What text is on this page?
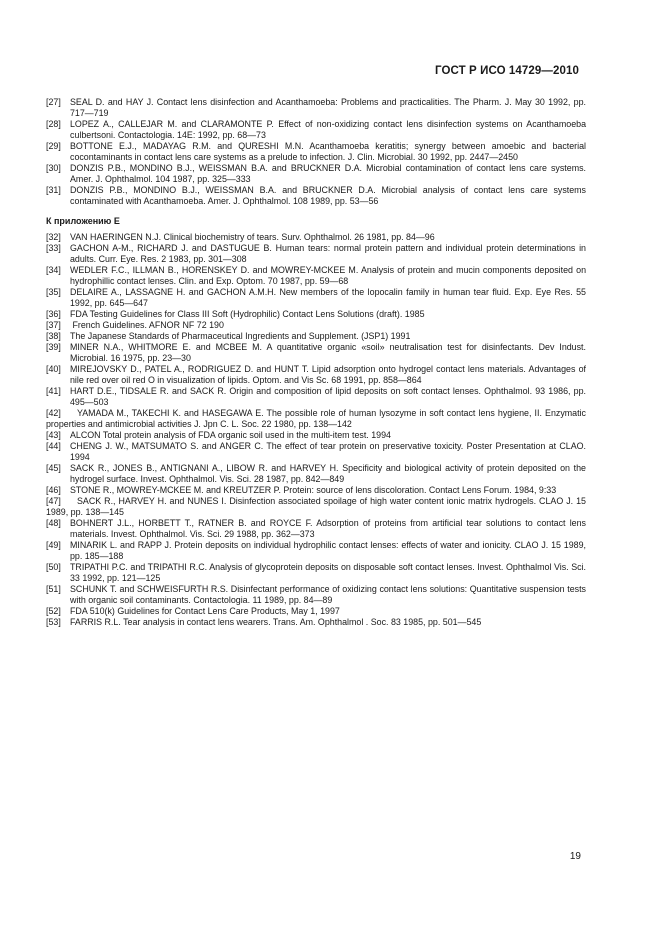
ГОСТ Р ИСО 14729—2010

[27] SEAL D. and HAY J. Contact lens disinfection and Acanthamoeba: Problems and practicalities. The Pharm. J. May 30 1992, pp. 717—719

[28] LOPEZ A., CALLEJAR M. and CLARAMONTE P. Effect of non-oxidizing contact lens disinfection systems on Acanthamoeba culbertsoni. Contactologia. 14E: 1992, pp. 68—73

[29] BOTTONE E.J., MADAYAG R.M. and QURESHI M.N. Acanthamoeba keratitis; synergy between amoebic and bacterial cocontaminants in contact lens care systems as a prelude to infection. J. Clin. Microbial. 30 1992, pp. 2447—2450

[30] DONZIS P.B., MONDINO B.J., WEISSMAN B.A. and BRUCKNER D.A. Microbial contamination of contact lens care systems. Amer. J. Ophthalmol. 104 1987, pp. 325—333

[31] DONZIS P.B., MONDINO B.J., WEISSMAN B.A. and BRUCKNER D.A. Microbial analysis of contact lens care systems contaminated with Acanthamoeba. Amer. J. Ophthalmol. 108 1989, pp. 53—56

К приложению Е

[32] VAN HAERINGEN N.J. Clinical biochemistry of tears. Surv. Ophthalmol. 26 1981, pp. 84—96

[33] GACHON A-M., RICHARD J. and DASTUGUE B. Human tears: normal protein pattern and individual protein determinations in adults. Curr. Eye. Res. 2 1983, pp. 301—308

[34] WEDLER F.C., ILLMAN B., HORENSKEY D. and MOWREY-MCKEE M. Analysis of protein and mucin components deposited on hydrophillic contact lenses. Clin. and Exp. Optom. 70 1987, pp. 59—68

[35] DELAIRE A., LASSAGNE H. and GACHON A.M.H. New members of the lopocalin family in human tear fluid. Exp. Eye Res. 55 1992, pp. 645—647

[36] FDA Testing Guidelines for Class III Soft (Hydrophilic) Contact Lens Solutions (draft). 1985

[37] French Guidelines. AFNOR NF 72 190

[38] The Japanese Standards of Pharmaceutical Ingredients and Supplement. (JSP1) 1991

[39] MINER N.A., WHITMORE E. and MCBEE M. A quantitative organic «soil» neutralisation test for disinfectants. Dev Indust. Microbial. 16 1975, pp. 23—30

[40] MIREJOVSKY D., PATEL A., RODRIGUEZ D. and HUNT T. Lipid adsorption onto hydrogel contact lens materials. Advantages of nile red over oil red O in visualization of lipids. Optom. and Vis Sc. 68 1991, pp. 858—864

[41] HART D.E., TIDSALE R. and SACK R. Origin and composition of lipid deposits on soft contact lenses. Ophthalmol. 93 1986, pp. 495—503

[42] YAMADA M., TAKECHI K. and HASEGAWA E. The possible role of human lysozyme in soft contact lens hygiene, II. Enzymatic properties and antimicrobial activities J. Jpn C. L. Soc. 22 1980, pp. 138—142

[43] ALCON Total protein analysis of FDA organic soil used in the multi-item test. 1994

[44] CHENG J. W., MATSUMATO S. and ANGER C. The effect of tear protein on preservative toxicity. Poster Presentation at CLAO. 1994

[45] SACK R., JONES B., ANTIGNANI A., LIBOW R. and HARVEY H. Specificity and biological activity of protein deposited on the hydrogel surface. Invest. Ophthalmol. Vis. Sci. 28 1987, pp. 842—849

[46] STONE R., MOWREY-MCKEE M. and KREUTZER P. Protein: source of lens discoloration. Contact Lens Forum. 1984, 9:33

[47] SACK R., HARVEY H. and NUNES I. Disinfection associated spoilage of high water content ionic matrix hydrogels. CLAO J. 15 1989, pp. 138—145

[48] BOHNERT J.L., HORBETT T., RATNER B. and ROYCE F. Adsorption of proteins from artificial tear solutions to contact lens materials. Invest. Ophthalmol. Vis. Sci. 29 1988, pp. 362—373

[49] MINARIK L. and RAPP J. Protein deposits on individual hydrophilic contact lenses: effects of water and ionicity. CLAO J. 15 1989, pp. 185—188

[50] TRIPATHI P.C. and TRIPATHI R.C. Analysis of glycoprotein deposits on disposable soft contact lenses. Invest. Ophthalmol Vis. Sci. 33 1992, pp. 121—125

[51] SCHUNK T. and SCHWEISFURTH R.S. Disinfectant performance of oxidizing contact lens solutions: Quantitative suspension tests with organic soil contaminants. Contactologia. 11 1989, pp. 84—89

[52] FDA 510(k) Guidelines for Contact Lens Care Products, May 1, 1997

[53] FARRIS R.L. Tear analysis in contact lens wearers. Trans. Am. Ophthalmol . Soc. 83 1985, pp. 501—545

19
